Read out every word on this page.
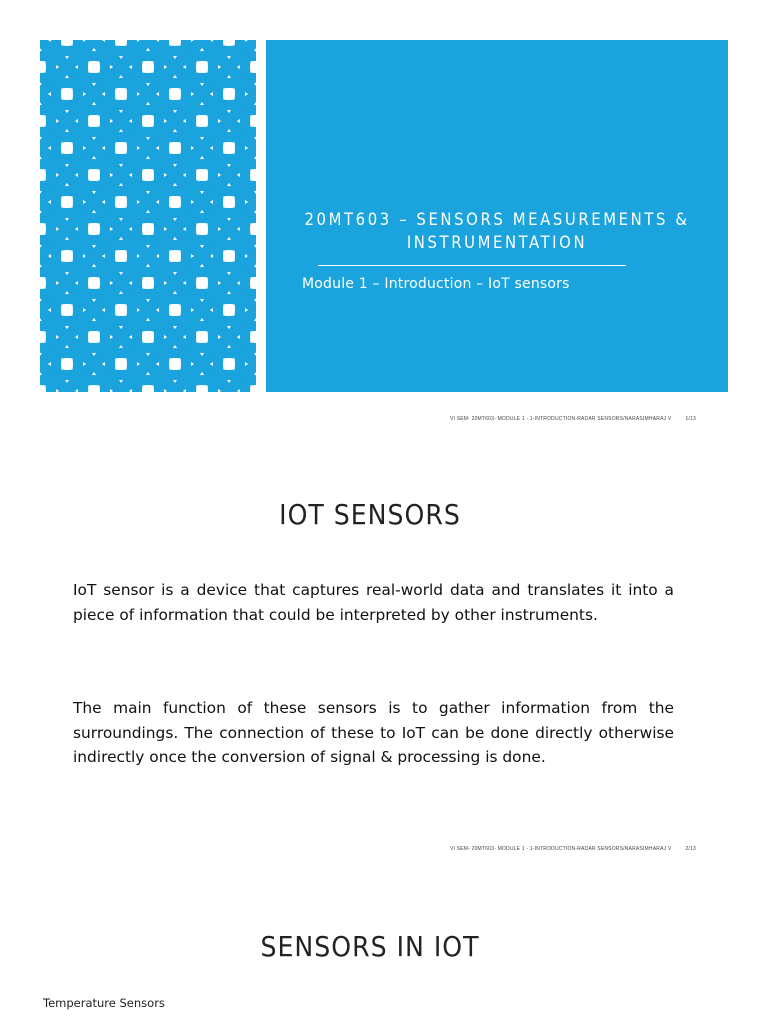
20MT603 – SENSORS MEASUREMENTS & INSTRUMENTATION
Module 1 – Introduction – IoT sensors
VI SEM- 20MT603- MODULE 1 - 1-INTRODUCTION-RADAR SENSORS/NARASIMHARAJ V	1/13
IOT SENSORS

IoT sensor is a device that captures real-world data and translates it into a piece of information that could be interpreted by other instruments.

The main function of these sensors is to gather information from the surroundings. The connection of these to IoT can be done directly otherwise indirectly once the conversion of signal & processing is done.

VI SEM- 20MT603- MODULE 1 - 1-INTRODUCTION-RADAR SENSORS/NARASIMHARAJ V	2/13
SENSORS IN IOT
Temperature Sensors
